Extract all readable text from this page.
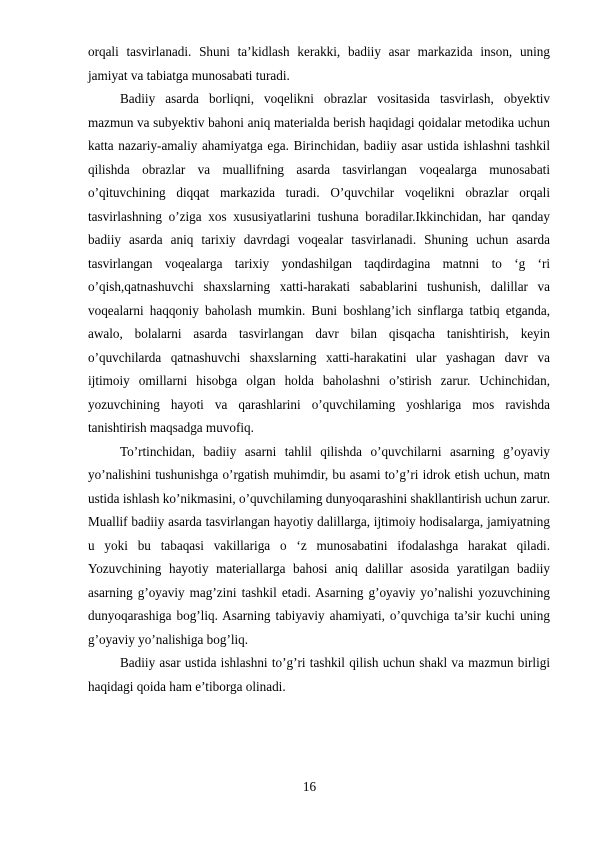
orqali tasvirlanadi. Shuni ta’kidlash kerakki, badiiy asar markazida inson, uning jamiyat va tabiatga munosabati turadi.

Badiiy asarda borliqni, voqelikni obrazlar vositasida tasvirlash, obyektiv mazmun va subyektiv bahoni aniq materialda berish haqidagi qoidalar metodika uchun katta nazariy-amaliy ahamiyatga ega. Birinchidan, badiiy asar ustida ishlashni tashkil qilishda obrazlar va muallifning asarda tasvirlangan voqealarga munosabati o’qituvchining diqqat markazida turadi. O’quvchilar voqelikni obrazlar orqali tasvirlashning o’ziga xos xususiyatlarini tushuna boradilar.Ikkinchidan, har qanday badiiy asarda aniq tarixiy davrdagi voqealar tasvirlanadi. Shuning uchun asarda tasvirlangan voqealarga tarixiy yondashilgan taqdirdagina matnni to ‘g ‘ri o’qish,qatnashuvchi shaxslarning xatti-harakati sabablarini tushunish, dalillar va voqealarni haqqoniy baholash mumkin. Buni boshlang’ich sinflarga tatbiq etganda, awalo, bolalarni asarda tasvirlangan davr bilan qisqacha tanishtirish, keyin o’quvchilarda qatnashuvchi shaxslarning xatti-harakatini ular yashagan davr va ijtimoiy omillarni hisobga olgan holda baholashni o’stirish zarur. Uchinchidan, yozuvchining hayoti va qarashlarini o’quvchilaming yoshlariga mos ravishda tanishtirish maqsadga muvofiq.

To’rtinchidan, badiiy asarni tahlil qilishda o’quvchilarni asarning g’oyaviy yo’nalishini tushunishga o’rgatish muhimdir, bu asami to’g’ri idrok etish uchun, matn ustida ishlash ko’nikmasini, o’quvchilaming dunyoqarashini shakllantirish uchun zarur. Muallif badiiy asarda tasvirlangan hayotiy dalillarga, ijtimoiy hodisalarga, jamiyatning u yoki bu tabaqasi vakillariga o ‘z munosabatini ifodalashga harakat qiladi. Yozuvchining hayotiy materiallarga bahosi aniq dalillar asosida yaratilgan badiiy asarning g’oyaviy mag’zini tashkil etadi. Asarning g’oyaviy yo’nalishi yozuvchining dunyoqarashiga bog’liq. Asarning tabiyaviy ahamiyati, o’quvchiga ta’sir kuchi uning g’oyaviy yo’nalishiga bog’liq.

Badiiy asar ustida ishlashni to’g’ri tashkil qilish uchun shakl va mazmun birligi haqidagi qoida ham e’tiborga olinadi.

16
